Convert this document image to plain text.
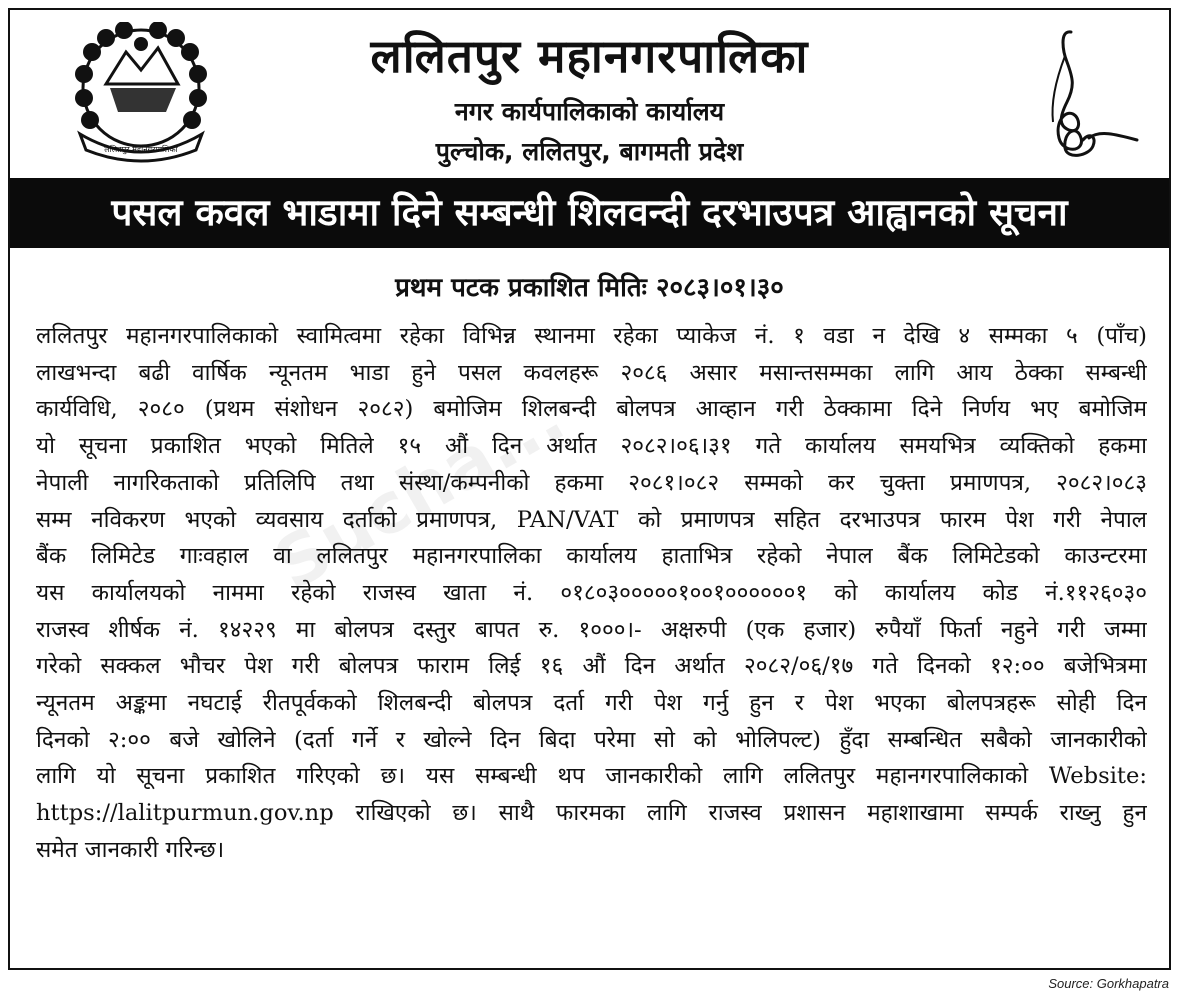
ललितपुर महानगरपालिका
ललितपुर महानगरपालिका
नगर कार्यपालिकाको कार्यालय
पुल्चोक, ललितपुर, बागमती प्रदेश
पसल कवल भाडामा दिने सम्बन्धी शिलवन्दी दरभाउपत्र आह्वानको सूचना
प्रथम पटक प्रकाशित मितिः २०८३।०१।३०
Sucha...
ललितपुर महानगरपालिकाको स्वामित्वमा रहेका विभिन्न स्थानमा रहेका प्याकेज नं. १ वडा न देखि ४ सम्मका ५ (पाँच)
लाखभन्दा बढी वार्षिक न्यूनतम भाडा हुने पसल कवलहरू २०८६ असार मसान्तसम्मका लागि आय ठेक्का सम्बन्धी
कार्यविधि, २०८० (प्रथम संशोधन २०८२) बमोजिम शिलबन्दी बोलपत्र आव्हान गरी ठेक्कामा दिने निर्णय भए बमोजिम
यो सूचना प्रकाशित भएको मितिले १५ औं दिन अर्थात २०८२।०६।३१ गते कार्यालय समयभित्र व्यक्तिको हकमा
नेपाली नागरिकताको प्रतिलिपि तथा संस्था/कम्पनीको हकमा २०८१।०८२ सम्मको कर चुक्ता प्रमाणपत्र, २०८२।०८३
सम्म नविकरण भएको व्यवसाय दर्ताको प्रमाणपत्र, PAN/VAT को प्रमाणपत्र सहित दरभाउपत्र फारम पेश गरी नेपाल
बैंक लिमिटेड गाःवहाल वा ललितपुर महानगरपालिका कार्यालय हाताभित्र रहेको नेपाल बैंक लिमिटेडको काउन्टरमा
यस कार्यालयको नाममा रहेको राजस्व खाता नं. ०१८०३०००००१००१००००००१ को कार्यालय कोड नं.११२६०३०
राजस्व शीर्षक नं. १४२२९ मा बोलपत्र दस्तुर बापत रु. १०००।- अक्षरुपी (एक हजार) रुपैयाँ फिर्ता नहुने गरी जम्मा
गरेको सक्कल भौचर पेश गरी बोलपत्र फाराम लिई १६ औं दिन अर्थात २०८२/०६/१७ गते दिनको १२:०० बजेभित्रमा
न्यूनतम अङ्कमा नघटाई रीतपूर्वकको शिलबन्दी बोलपत्र दर्ता गरी पेश गर्नु हुन र पेश भएका बोलपत्रहरू सोही दिन
दिनको २:०० बजे खोलिने (दर्ता गर्ने र खोल्ने दिन बिदा परेमा सो को भोलिपल्ट) हुँदा सम्बन्धित सबैको जानकारीको
लागि यो सूचना प्रकाशित गरिएको छ। यस सम्बन्धी थप जानकारीको लागि ललितपुर महानगरपालिकाको Website:
https://lalitpurmun.gov.np राखिएको छ। साथै फारमका लागि राजस्व प्रशासन महाशाखामा सम्पर्क राख्नु हुन
समेत जानकारी गरिन्छ।
Source: Gorkhapatra
